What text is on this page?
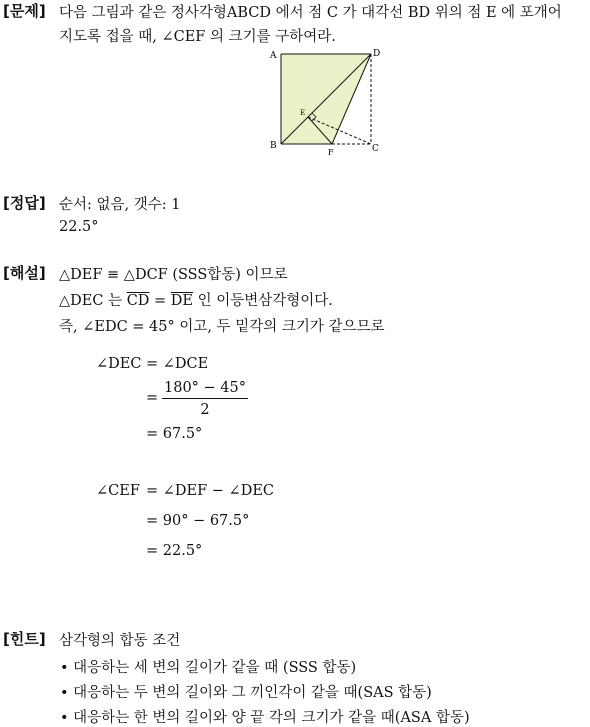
[문제] 다음 그림과 같은 정사각형ABCD 에서 점 C 가 대각선 BD 위의 점 E 에 포개어
지도록 접을 때, ∠CEF 의 크기를 구하여라.
A	D
B	C
E
F
[정답] 순서: 없음, 갯수: 1
22.5°
[해설] △DEF ≡ △DCF (SSS합동) 이므로
△DEC 는 $\overline{CD} = \overline{DE}$ 인 이등변삼각형이다.
즉, ∠EDC = 45° 이고, 두 밑각의 크기가 같으므로
∠DEC = ∠DCE
=
180° − 45°
2
= 67.5°
∠CEF = ∠DEF − ∠DEC
= 90° − 67.5°
= 22.5°
[힌트] 삼각형의 합동 조건
• 대응하는 세 변의 길이가 같을 때 (SSS 합동)
• 대응하는 두 변의 길이와 그 끼인각이 같을 때(SAS 합동)
• 대응하는 한 변의 길이와 양 끝 각의 크기가 같을 때(ASA 합동)
